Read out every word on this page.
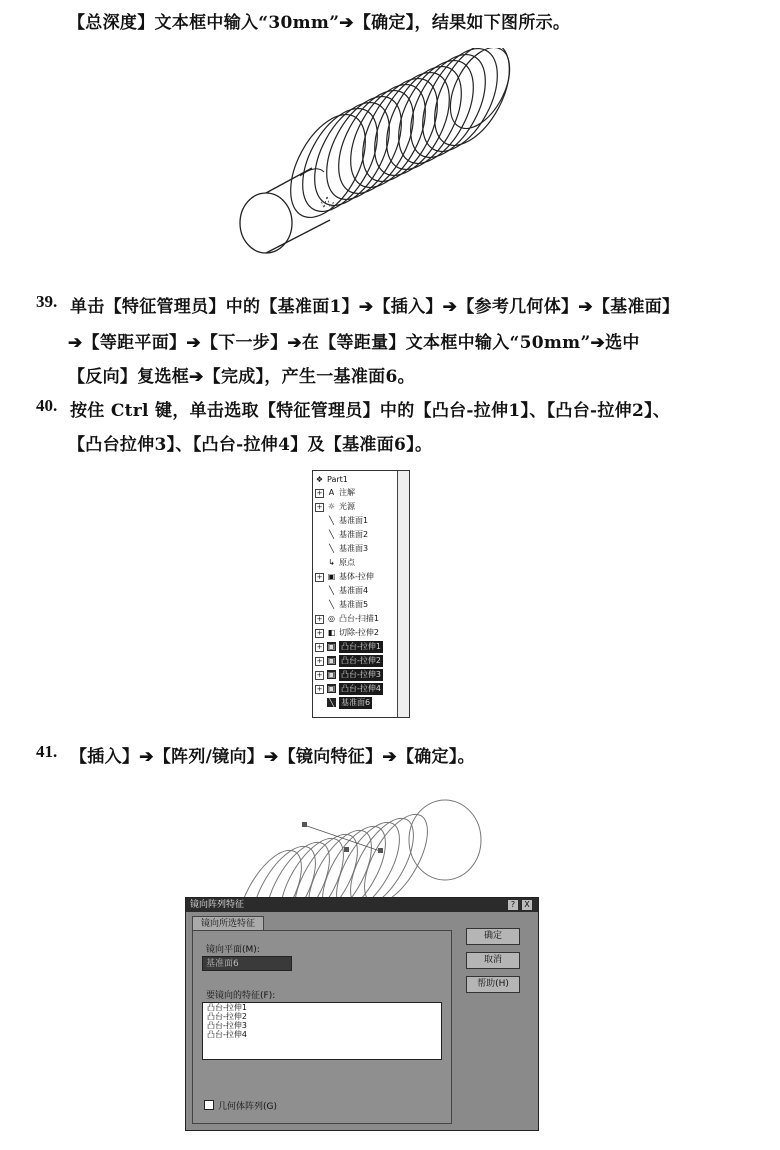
【总深度】文本框中输入“30mm”➔【确定】，结果如下图所示。
39. 单击【特征管理员】中的【基准面1】➔【插入】➔【参考几何体】➔【基准面】
➔【等距平面】➔【下一步】➔在【等距量】文本框中输入“50mm”➔选中
【反向】复选框➔【完成】，产生一基准面6。
40. 按住 Ctrl 键，单击选取【特征管理员】中的【凸台-拉伸1】、【凸台-拉伸2】、
【凸台拉伸3】、【凸台-拉伸4】及【基准面6】。
❖ Part1
+ A 注解
+ ☼ 光源
╲ 基准面1
╲ 基准面2
╲ 基准面3
↳ 原点
+ ▣ 基体-拉伸
╲ 基准面4
╲ 基准面5
+ ◎ 凸台-扫描1
+ ◧ 切除-拉伸2
+ ▣ 凸台-拉伸1
+ ▣ 凸台-拉伸2
+ ▣ 凸台-拉伸3
+ ▣ 凸台-拉伸4
╲ 基准面6
41. 【插入】➔【阵列/镜向】➔【镜向特征】➔【确定】。
镜向阵列特征	?	X
镜向所选特征
镜向平面(M):
基准面6
要镜向的特征(F):
凸台-拉伸1
凸台-拉伸2
凸台-拉伸3
凸台-拉伸4
确定
取消
帮助(H)
几何体阵列(G)
